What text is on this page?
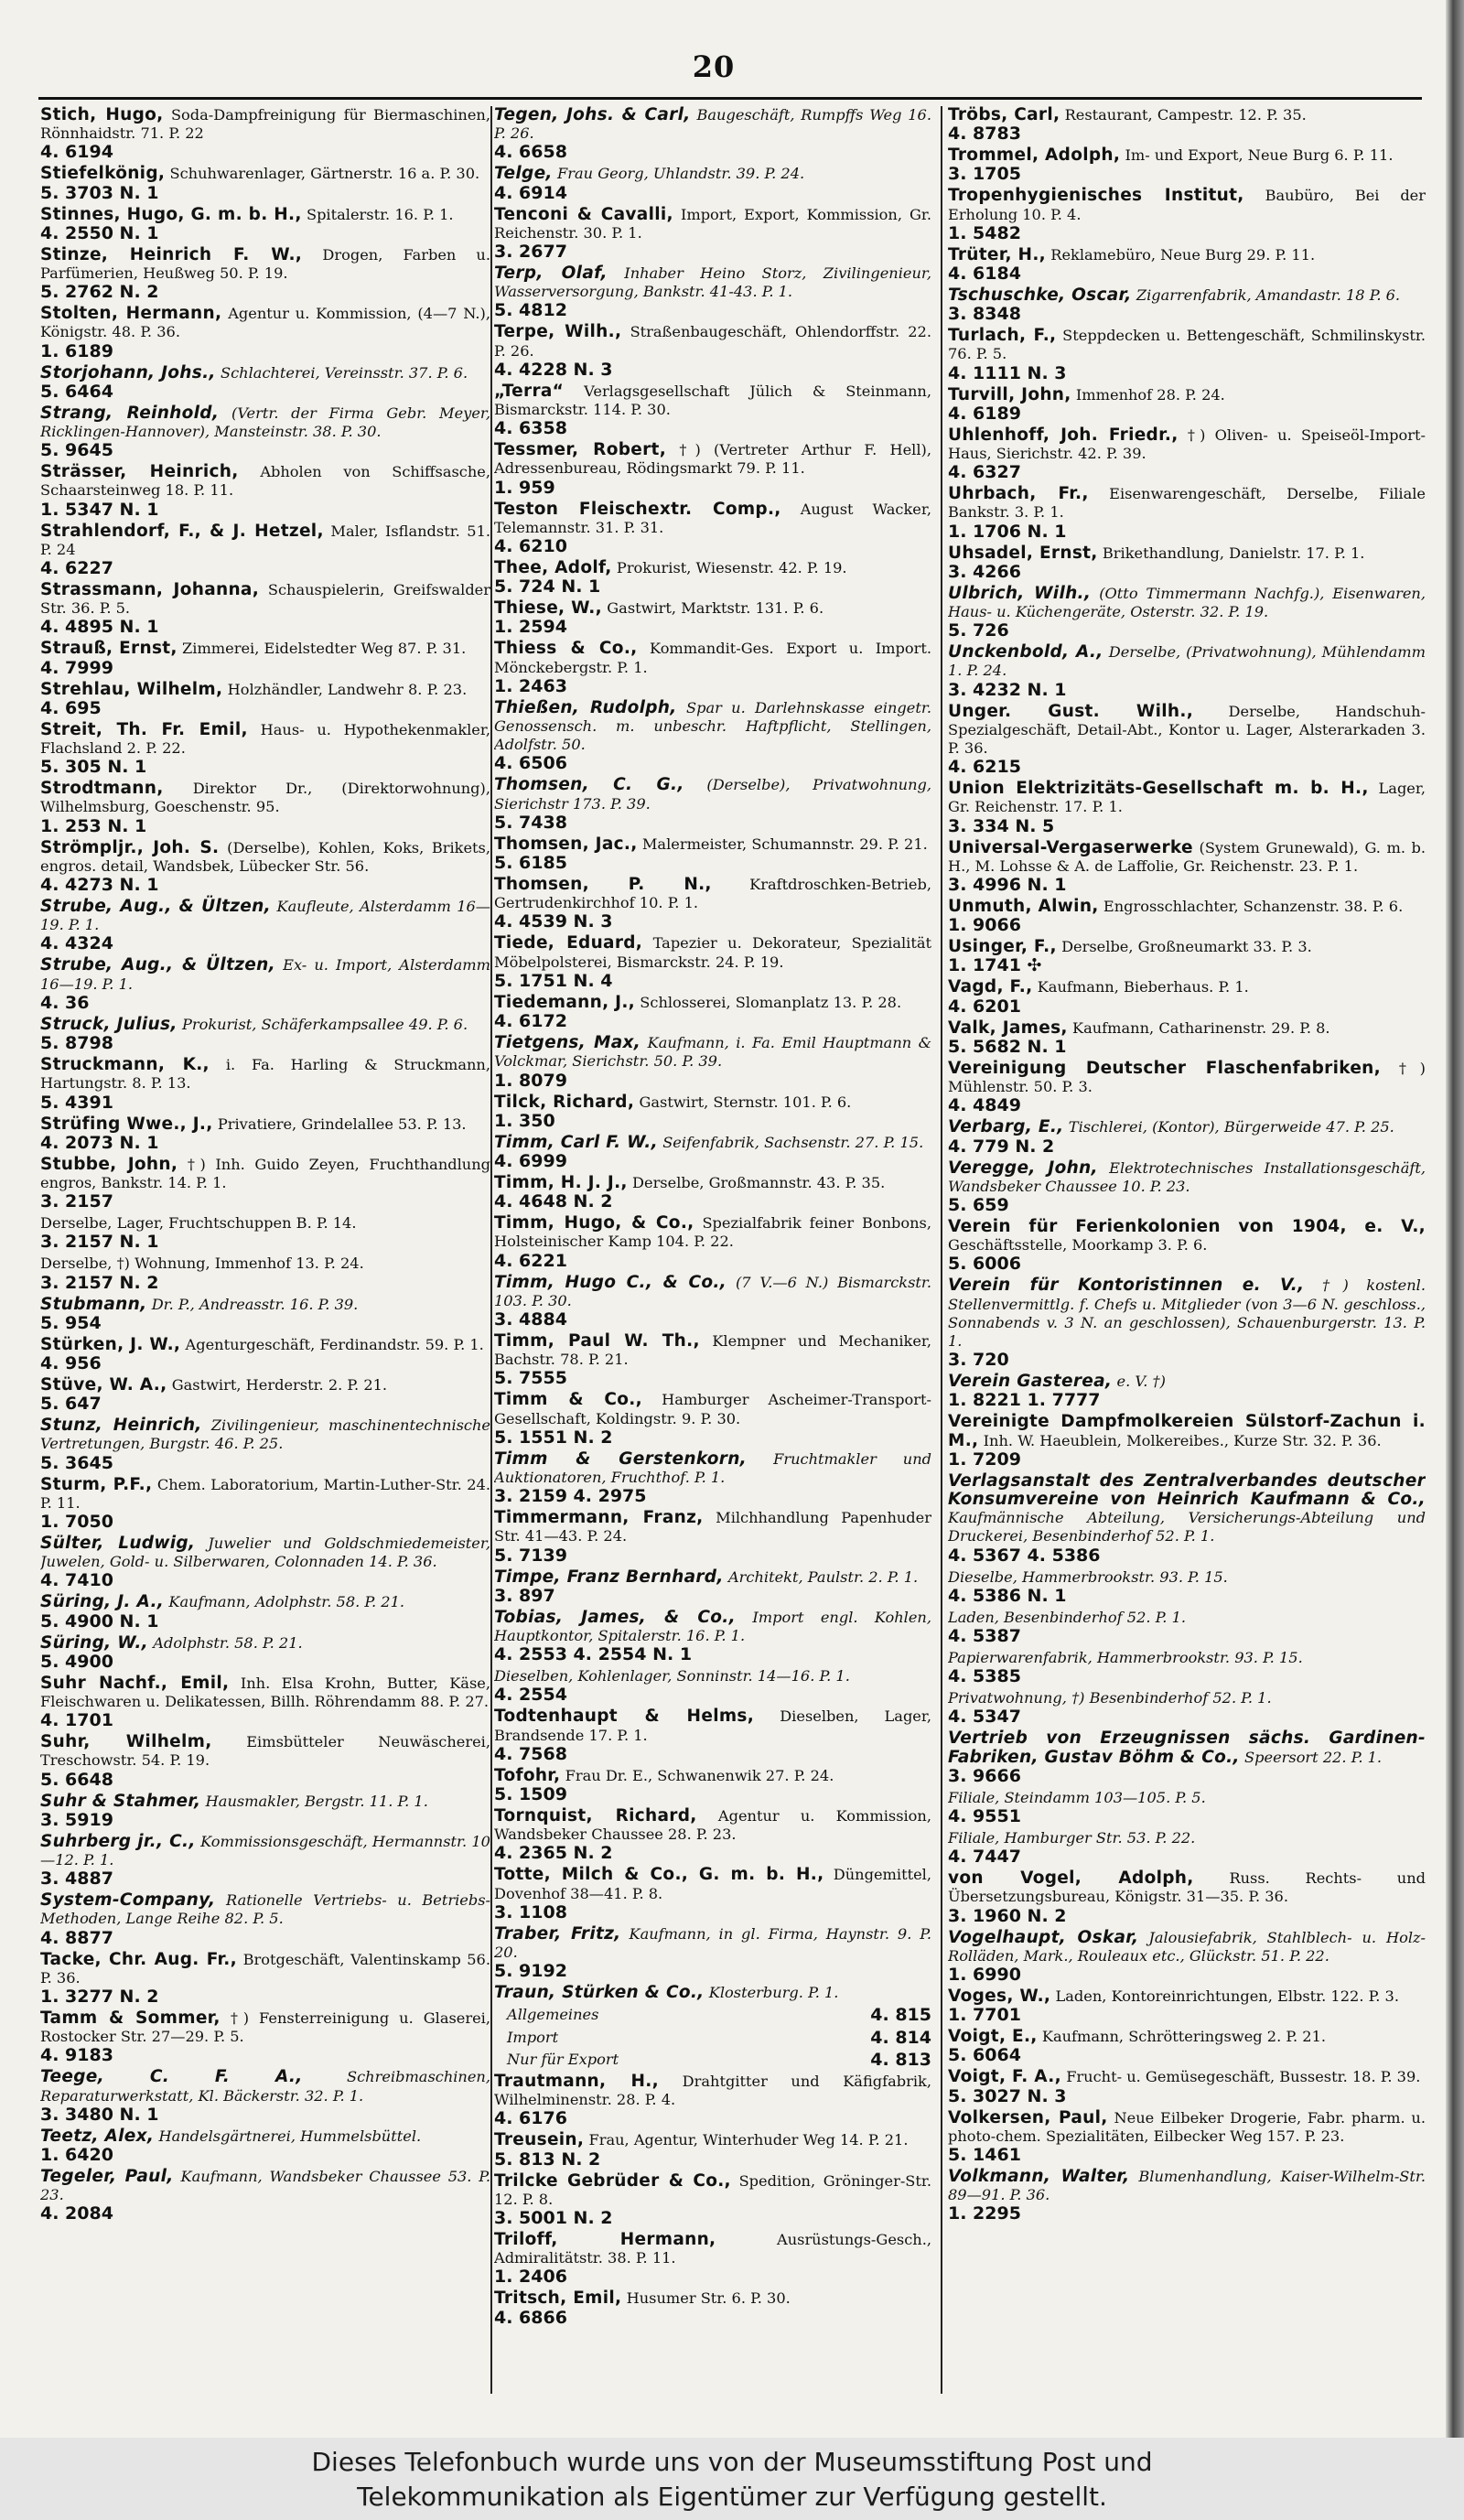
20
Stich, Hugo, Soda-Dampfreinigung für Biermaschinen, Rönnhaidstr. 71. P. 22
4. 6194
Stiefelkönig, Schuhwarenlager, Gärtnerstr. 16 a. P. 30.
5. 3703 N. 1
Stinnes, Hugo, G. m. b. H., Spitalerstr. 16. P. 1.
4. 2550 N. 1
Stinze, Heinrich F. W., Drogen, Farben u. Parfümerien, Heußweg 50. P. 19.
5. 2762 N. 2
Stolten, Hermann, Agentur u. Kommission, (4—7 N.), Königstr. 48. P. 36.
1. 6189
Storjohann, Johs., Schlachterei, Vereinsstr. 37. P. 6.
5. 6464
Strang, Reinhold, (Vertr. der Firma Gebr. Meyer, Ricklingen-Hannover), Mansteinstr. 38. P. 30.
5. 9645
Strässer, Heinrich, Abholen von Schiffsasche, Schaarsteinweg 18. P. 11.
1. 5347 N. 1
Strahlendorf, F., & J. Hetzel, Maler, Isflandstr. 51. P. 24
4. 6227
Strassmann, Johanna, Schauspielerin, Greifswalder Str. 36. P. 5.
4. 4895 N. 1
Strauß, Ernst, Zimmerei, Eidelstedter Weg 87. P. 31.
4. 7999
Strehlau, Wilhelm, Holzhändler, Landwehr 8. P. 23.
4. 695
Streit, Th. Fr. Emil, Haus- u. Hypothekenmakler, Flachsland 2. P. 22.
5. 305 N. 1
Strodtmann, Direktor Dr., (Direktorwohnung), Wilhelmsburg, Goeschenstr. 95.
1. 253 N. 1
Strömpljr., Joh. S. (Derselbe), Kohlen, Koks, Brikets, engros. detail, Wandsbek, Lübecker Str. 56.
4. 4273 N. 1
Strube, Aug., & Ültzen, Kaufleute, Alsterdamm 16—19. P. 1.
4. 4324
Strube, Aug., & Ültzen, Ex- u. Import, Alsterdamm 16—19. P. 1.
4. 36
Struck, Julius, Prokurist, Schäferkampsallee 49. P. 6.
5. 8798
Struckmann, K., i. Fa. Harling & Struckmann, Hartungstr. 8. P. 13.
5. 4391
Strüfing Wwe., J., Privatiere, Grindelallee 53. P. 13.
4. 2073 N. 1
Stubbe, John, †) Inh. Guido Zeyen, Fruchthandlung engros, Bankstr. 14. P. 1.
3. 2157
Derselbe, Lager, Fruchtschuppen B. P. 14.
3. 2157 N. 1
Derselbe, †) Wohnung, Immenhof 13. P. 24.
3. 2157 N. 2
Stubmann, Dr. P., Andreasstr. 16. P. 39.
5. 954
Stürken, J. W., Agenturgeschäft, Ferdinandstr. 59. P. 1.
4. 956
Stüve, W. A., Gastwirt, Herderstr. 2. P. 21.
5. 647
Stunz, Heinrich, Zivilingenieur, maschinentechnische Vertretungen, Burgstr. 46. P. 25.
5. 3645
Sturm, P.F., Chem. Laboratorium, Martin-Luther-Str. 24. P. 11.
1. 7050
Sülter, Ludwig, Juwelier und Goldschmiedemeister, Juwelen, Gold- u. Silberwaren, Colonnaden 14. P. 36.
4. 7410
Süring, J. A., Kaufmann, Adolphstr. 58. P. 21.
5. 4900 N. 1
Süring, W., Adolphstr. 58. P. 21.
5. 4900
Suhr Nachf., Emil, Inh. Elsa Krohn, Butter, Käse, Fleischwaren u. Delikatessen, Billh. Röhrendamm 88. P. 27.
4. 1701
Suhr, Wilhelm, Eimsbütteler Neuwäscherei, Treschowstr. 54. P. 19.
5. 6648
Suhr & Stahmer, Hausmakler, Bergstr. 11. P. 1.
3. 5919
Suhrberg jr., C., Kommissionsgeschäft, Hermannstr. 10—12. P. 1.
3. 4887
System-Company, Rationelle Vertriebs- u. Betriebs-Methoden, Lange Reihe 82. P. 5.
4. 8877
Tacke, Chr. Aug. Fr., Brotgeschäft, Valentinskamp 56. P. 36.
1. 3277 N. 2
Tamm & Sommer, †) Fensterreinigung u. Glaserei, Rostocker Str. 27—29. P. 5.
4. 9183
Teege, C. F. A.,	Schreibmaschinen, Reparaturwerkstatt, Kl. Bäckerstr. 32. P. 1.
3. 3480 N. 1
Teetz, Alex, Handelsgärtnerei, Hummelsbüttel.
1. 6420
Tegeler, Paul, Kaufmann, Wandsbeker Chaussee 53. P. 23.
4. 2084
Tegen, Johs. & Carl, Baugeschäft, Rumpffs Weg 16. P. 26.
4. 6658
Telge, Frau Georg, Uhlandstr. 39. P. 24.
4. 6914
Tenconi & Cavalli, Import, Export, Kommission, Gr. Reichenstr. 30. P. 1.
3. 2677
Terp, Olaf, Inhaber Heino Storz, Zivilingenieur, Wasserversorgung, Bankstr. 41-43. P. 1.
5. 4812
Terpe, Wilh., Straßenbaugeschäft, Ohlendorffstr. 22. P. 26.
4. 4228 N. 3
„Terra“ Verlagsgesellschaft Jülich & Steinmann, Bismarckstr. 114. P. 30.
4. 6358
Tessmer, Robert, †) (Vertreter Arthur F. Hell), Adressenbureau, Rödingsmarkt 79. P. 11.
1. 959
Teston Fleischextr. Comp., August Wacker, Telemannstr. 31. P. 31.
4. 6210
Thee, Adolf, Prokurist, Wiesenstr. 42. P. 19.
5. 724 N. 1
Thiese, W., Gastwirt, Marktstr. 131. P. 6.
1. 2594
Thiess & Co., Kommandit-Ges. Export u. Import. Mönckebergstr. P. 1.
1. 2463
Thießen, Rudolph, Spar u. Darlehnskasse eingetr. Genossensch. m. unbeschr. Haftpflicht, Stellingen, Adolfstr. 50.
4. 6506
Thomsen, C. G., (Derselbe), Privatwohnung, Sierichstr 173. P. 39.
5. 7438
Thomsen, Jac., Malermeister, Schumannstr. 29. P. 21.
5. 6185
Thomsen, P. N.,	Kraftdroschken-Betrieb, Gertrudenkirchhof 10. P. 1.
4. 4539 N. 3
Tiede, Eduard, Tapezier u. Dekorateur, Spezialität Möbelpolsterei, Bismarckstr. 24. P. 19.
5. 1751 N. 4
Tiedemann, J., Schlosserei, Slomanplatz 13. P. 28.
4. 6172
Tietgens, Max, Kaufmann, i. Fa. Emil Hauptmann & Volckmar, Sierichstr. 50. P. 39.
1. 8079
Tilck, Richard, Gastwirt, Sternstr. 101. P. 6.
1. 350
Timm, Carl F. W., Seifenfabrik, Sachsenstr. 27. P. 15.
4. 6999
Timm, H. J. J., Derselbe, Großmannstr. 43. P. 35.
4. 4648 N. 2
Timm, Hugo, & Co., Spezialfabrik feiner Bonbons, Holsteinischer Kamp 104. P. 22.
4. 6221
Timm, Hugo C., & Co., (7 V.—6 N.) Bismarckstr. 103. P. 30.
3. 4884
Timm, Paul W. Th., Klempner und Mechaniker, Bachstr. 78. P. 21.
5. 7555
Timm & Co., Hamburger Ascheimer-Transport-Gesellschaft, Koldingstr. 9. P. 30.
5. 1551 N. 2
Timm & Gerstenkorn, Fruchtmakler und Auktionatoren, Fruchthof. P. 1.
3. 2159 4. 2975
Timmermann, Franz, Milchhandlung Papenhuder Str. 41—43. P. 24.
5. 7139
Timpe, Franz Bernhard, Architekt, Paulstr. 2. P. 1.
3. 897
Tobias, James, & Co., Import engl. Kohlen, Hauptkontor, Spitalerstr. 16. P. 1.
4. 2553 4. 2554 N. 1
Dieselben, Kohlenlager, Sonninstr. 14—16. P. 1.
4. 2554
Todtenhaupt & Helms, Dieselben, Lager, Brandsende 17. P. 1.
4. 7568
Tofohr, Frau Dr. E., Schwanenwik 27. P. 24.
5. 1509
Tornquist, Richard, Agentur u. Kommission, Wandsbeker Chaussee 28. P. 23.
4. 2365 N. 2
Totte, Milch & Co., G. m. b. H., Düngemittel, Dovenhof 38—41. P. 8.
3. 1108
Traber, Fritz, Kaufmann, in gl. Firma, Haynstr. 9. P. 20.
5. 9192
Traun, Stürken & Co., Klosterburg. P. 1.
Allgemeines	4. 815
Import	4. 814
Nur für Export	4. 813
Trautmann, H., Drahtgitter und Käfigfabrik, Wilhelminenstr. 28. P. 4.
4. 6176
Treusein, Frau, Agentur, Winterhuder Weg 14. P. 21.
5. 813 N. 2
Trilcke Gebrüder & Co., Spedition, Gröninger-Str. 12. P. 8.
3. 5001 N. 2
Triloff, Hermann,	Ausrüstungs-Gesch., Admiralitätstr. 38. P. 11.
1. 2406
Tritsch, Emil, Husumer Str. 6. P. 30.
4. 6866
Tröbs, Carl, Restaurant, Campestr. 12. P. 35.
4. 8783
Trommel, Adolph, Im- und Export, Neue Burg 6. P. 11.
3. 1705
Tropenhygienisches Institut, Baubüro, Bei der Erholung 10. P. 4.
1. 5482
Trüter, H., Reklamebüro, Neue Burg 29. P. 11.
4. 6184
Tschuschke, Oscar, Zigarrenfabrik, Amandastr. 18 P. 6.
3. 8348
Turlach, F., Steppdecken u. Bettengeschäft, Schmilinskystr. 76. P. 5.
4. 1111 N. 3
Turvill, John, Immenhof 28. P. 24.
4. 6189
Uhlenhoff, Joh. Friedr., †) Oliven- u. Speiseöl-Import-Haus, Sierichstr. 42. P. 39.
4. 6327
Uhrbach, Fr., Eisenwarengeschäft, Derselbe, Filiale Bankstr. 3. P. 1.
1. 1706 N. 1
Uhsadel, Ernst, Brikethandlung, Danielstr. 17. P. 1.
3. 4266
Ulbrich, Wilh., (Otto Timmermann Nachfg.), Eisenwaren, Haus- u. Küchengeräte, Osterstr. 32. P. 19.
5. 726
Unckenbold, A., Derselbe, (Privatwohnung), Mühlendamm 1. P. 24.
3. 4232 N. 1
Unger. Gust. Wilh., Derselbe, Handschuh-Spezialgeschäft, Detail-Abt., Kontor u. Lager, Alsterarkaden 3. P. 36.
4. 6215
Union Elektrizitäts-Gesellschaft m. b. H., Lager, Gr. Reichenstr. 17. P. 1.
3. 334 N. 5
Universal-Vergaserwerke (System Grunewald), G. m. b. H., M. Lohsse & A. de Laffolie, Gr. Reichenstr. 23. P. 1.
3. 4996 N. 1
Unmuth, Alwin, Engrosschlachter, Schanzenstr. 38. P. 6.
1. 9066
Usinger, F., Derselbe, Großneumarkt 33. P. 3.
1. 1741 ✣
Vagd, F., Kaufmann, Bieberhaus. P. 1.
4. 6201
Valk, James, Kaufmann, Catharinenstr. 29. P. 8.
5. 5682 N. 1
Vereinigung Deutscher Flaschenfabriken, †) Mühlenstr. 50. P. 3.
4. 4849
Verbarg, E., Tischlerei, (Kontor), Bürgerweide 47. P. 25.
4. 779 N. 2
Veregge, John, Elektrotechnisches Installationsgeschäft, Wandsbeker Chaussee 10. P. 23.
5. 659
Verein für Ferienkolonien von 1904, e. V., Geschäftsstelle, Moorkamp 3. P. 6.
5. 6006
Verein für Kontoristinnen e. V., †) kostenl. Stellenvermittlg. f. Chefs u. Mitglieder (von 3—6 N. geschloss., Sonnabends v. 3 N. an geschlossen), Schauenburgerstr. 13. P. 1.
3. 720
Verein Gasterea, e. V. †)
1. 8221 1. 7777
Vereinigte Dampfmolkereien Sülstorf-Zachun i. M., Inh. W. Haeublein, Molkereibes., Kurze Str. 32. P. 36.
1. 7209
Verlagsanstalt des Zentralverbandes deutscher Konsumvereine von Heinrich Kaufmann & Co., Kaufmännische Abteilung, Versicherungs-Abteilung und Druckerei, Besenbinderhof 52. P. 1.
4. 5367 4. 5386
Dieselbe, Hammerbrookstr. 93. P. 15.
4. 5386 N. 1
Laden, Besenbinderhof 52. P. 1.
4. 5387
Papierwarenfabrik, Hammerbrookstr. 93. P. 15.
4. 5385
Privatwohnung, †) Besenbinderhof 52. P. 1.
4. 5347
Vertrieb von Erzeugnissen sächs. Gardinen-Fabriken, Gustav Böhm & Co., Speersort 22. P. 1.
3. 9666
Filiale, Steindamm 103—105. P. 5.
4. 9551
Filiale, Hamburger Str. 53. P. 22.
4. 7447
von Vogel, Adolph, Russ. Rechts- und Übersetzungsbureau, Königstr. 31—35. P. 36.
3. 1960 N. 2
Vogelhaupt, Oskar, Jalousiefabrik, Stahlblech- u. Holz-Rolläden, Mark., Rouleaux etc., Glückstr. 51. P. 22.
1. 6990
Voges, W., Laden, Kontoreinrichtungen, Elbstr. 122. P. 3.
1. 7701
Voigt, E., Kaufmann, Schrötteringsweg 2. P. 21.
5. 6064
Voigt, F. A., Frucht- u. Gemüsegeschäft, Bussestr. 18. P. 39.
5. 3027 N. 3
Volkersen, Paul, Neue Eilbeker Drogerie, Fabr. pharm. u. photo-chem. Spezialitäten, Eilbecker Weg 157. P. 23.
5. 1461
Volkmann, Walter, Blumenhandlung, Kaiser-Wilhelm-Str. 89—91. P. 36.
1. 2295
Dieses Telefonbuch wurde uns von der Museumsstiftung Post und
Telekommunikation als Eigentümer zur Verfügung gestellt.
